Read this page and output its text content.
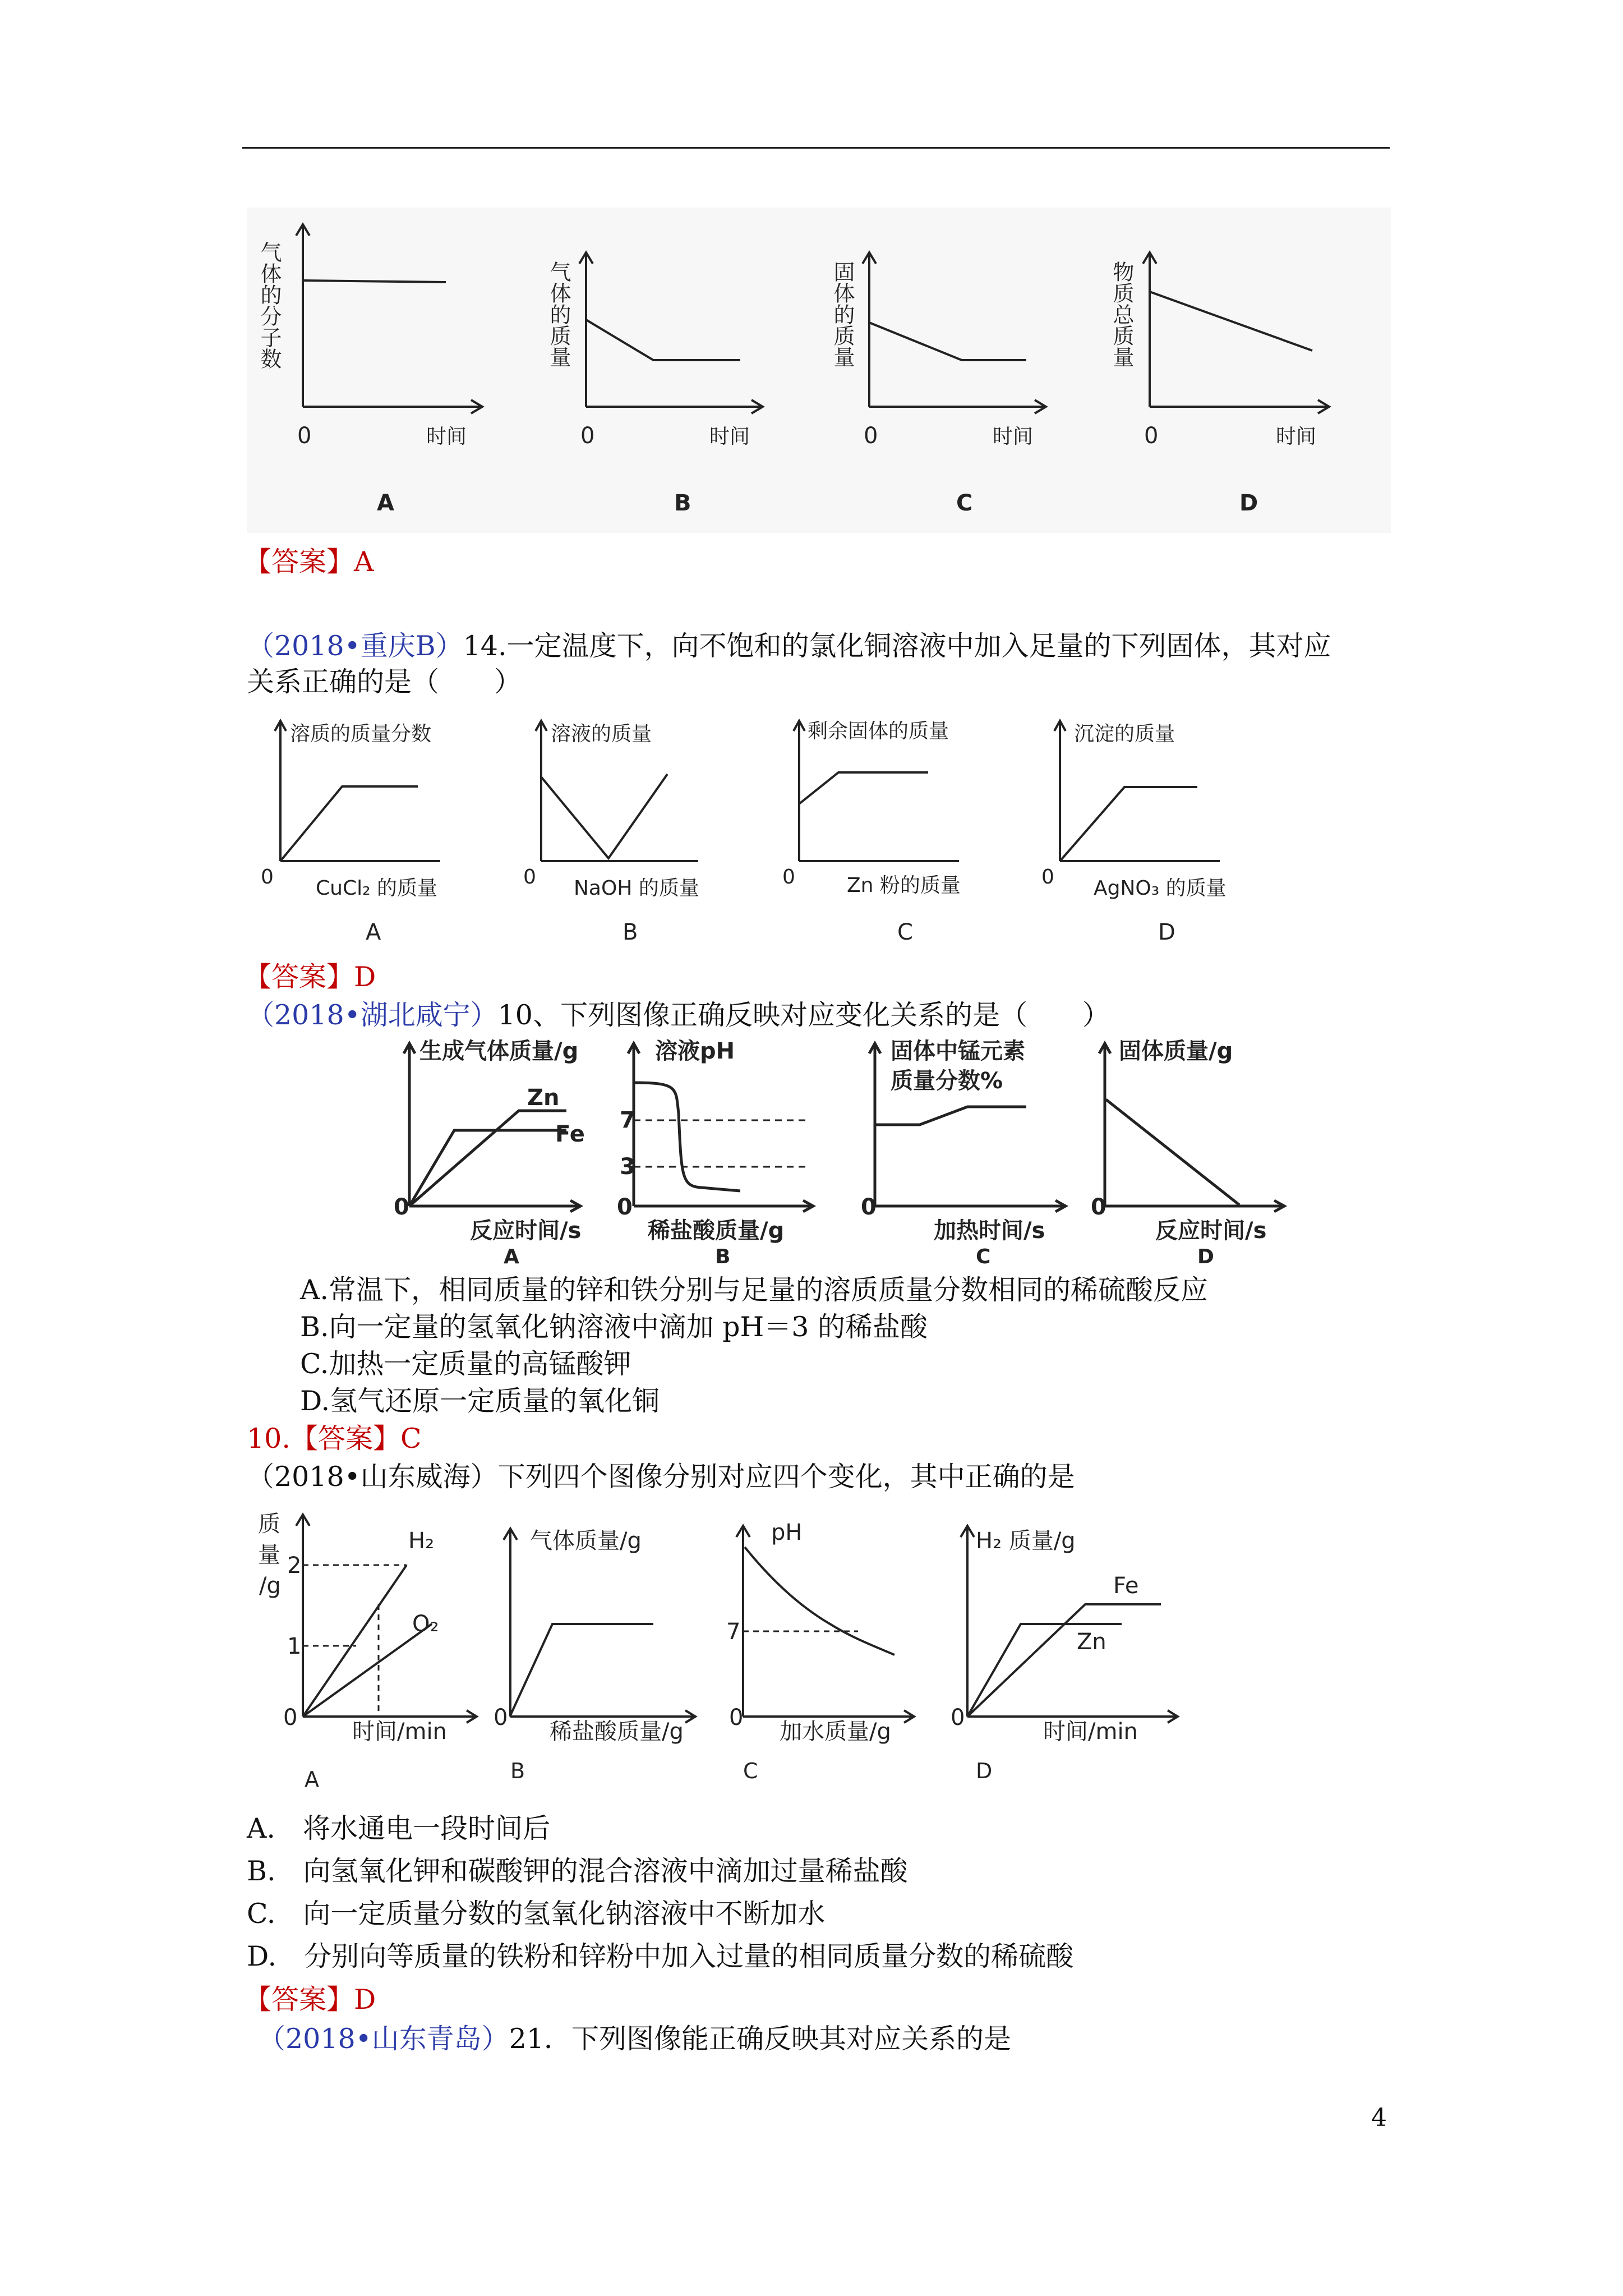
气体的分子数
0	时间
A
气体的质量
0	时间
B
固体的质量
0	时间
C
物质总质量
0	时间
D
【答案】A
（2018•重庆B）14.一定温度下，向不饱和的氯化铜溶液中加入足量的下列固体，其对应
关系正确的是（　　）
溶质的质量分数
0 CuCl₂ 的质量
A
溶液的质量
0 NaOH 的质量
B
剩余固体的质量
0	Zn 粉的质量
C
沉淀的质量
0 AgNO₃ 的质量
D
【答案】D
（2018•湖北咸宁）10、下列图像正确反映对应变化关系的是（　　）
生成气体质量/g
Zn
Fe
0
反应时间/s
A
溶液pH
7
3
0
稀盐酸质量/g
B
固体中锰元素
质量分数%
0
加热时间/s
C
固体质量/g
0
反应时间/s
D
A.常温下，相同质量的锌和铁分别与足量的溶质质量分数相同的稀硫酸反应
B.向一定量的氢氧化钠溶液中滴加 pH＝3 的稀盐酸
C.加热一定质量的高锰酸钾
D.氢气还原一定质量的氧化铜
10.【答案】C
（2018•山东威海）下列四个图像分别对应四个变化，其中正确的是
质
量
/g
2
1
H₂
O₂
0
时间/min
A
气体质量/g
0
稀盐酸质量/g
B
pH
7
0
加水质量/g
C
H₂ 质量/g
Fe
Zn
0
时间/min
D
A.　将水通电一段时间后
B.　向氢氧化钾和碳酸钾的混合溶液中滴加过量稀盐酸
C.　向一定质量分数的氢氧化钠溶液中不断加水
D.　分别向等质量的铁粉和锌粉中加入过量的相同质量分数的稀硫酸
【答案】D
（2018•山东青岛）21．下列图像能正确反映其对应关系的是
4
